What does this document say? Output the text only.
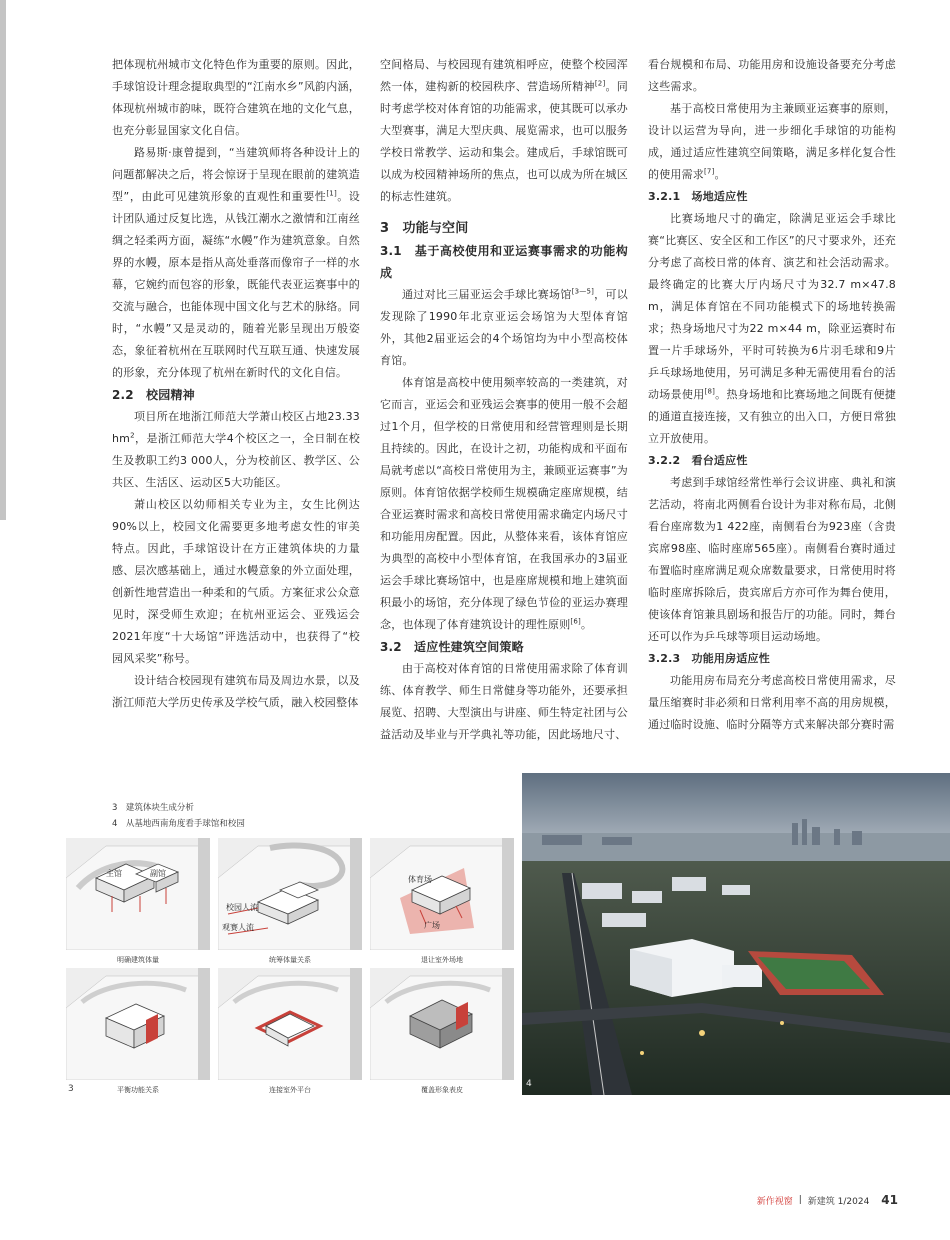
把体现杭州城市文化特色作为重要的原则。因此，手球馆设计理念提取典型的“江南水乡”风韵内涵，体现杭州城市韵味，既符合建筑在地的文化气息，也充分彰显国家文化自信。

路易斯·康曾提到，“当建筑师将各种设计上的问题都解决之后，将会惊讶于呈现在眼前的建筑造型”，由此可见建筑形象的直观性和重要性[1]。设计团队通过反复比选，从钱江潮水之激情和江南丝绸之轻柔两方面，凝练“水幔”作为建筑意象。自然界的水幔，原本是指从高处垂落而像帘子一样的水幕，它婉约而包容的形象，既能代表亚运赛事中的交流与融合，也能体现中国文化与艺术的脉络。同时，“水幔”又是灵动的，随着光影呈现出万般姿态，象征着杭州在互联网时代互联互通、快速发展的形象，充分体现了杭州在新时代的文化自信。

2.2　校园精神

项目所在地浙江师范大学萧山校区占地23.33 $hm^2$，是浙江师范大学4个校区之一，全日制在校生及教职工约3 000人，分为校前区、教学区、公共区、生活区、运动区5大功能区。

萧山校区以幼师相关专业为主，女生比例达90%以上，校园文化需要更多地考虑女性的审美特点。因此，手球馆设计在方正建筑体块的力量感、层次感基础上，通过水幔意象的外立面处理，创新性地营造出一种柔和的气质。方案征求公众意见时，深受师生欢迎；在杭州亚运会、亚残运会2021年度“十大场馆”评选活动中，也获得了“校园风采奖”称号。

设计结合校园现有建筑布局及周边水景，以及浙江师范大学历史传承及学校气质，融入校园整体

空间格局、与校园现有建筑相呼应，使整个校园浑然一体，建构新的校园秩序、营造场所精神[2]。同时考虑学校对体育馆的功能需求，使其既可以承办大型赛事，满足大型庆典、展览需求，也可以服务学校日常教学、运动和集会。建成后，手球馆既可以成为校园精神场所的焦点，也可以成为所在城区的标志性建筑。

3　功能与空间
3.1　基于高校使用和亚运赛事需求的功能构成

通过对比三届亚运会手球比赛场馆[3—5]，可以发现除了1990年北京亚运会场馆为大型体育馆外，其他2届亚运会的4个场馆均为中小型高校体育馆。

体育馆是高校中使用频率较高的一类建筑，对它而言，亚运会和亚残运会赛事的使用一般不会超过1个月，但学校的日常使用和经营管理则是长期且持续的。因此，在设计之初，功能构成和平面布局就考虑以“高校日常使用为主，兼顾亚运赛事”为原则。体育馆依据学校师生规模确定座席规模，结合亚运赛时需求和高校日常使用需求确定内场尺寸和功能用房配置。因此，从整体来看，该体育馆应为典型的高校中小型体育馆，在我国承办的3届亚运会手球比赛场馆中，也是座席规模和地上建筑面积最小的场馆，充分体现了绿色节俭的亚运办赛理念，也体现了体育建筑设计的理性原则[6]。

3.2　适应性建筑空间策略

由于高校对体育馆的日常使用需求除了体育训练、体育教学、师生日常健身等功能外，还要承担展览、招聘、大型演出与讲座、师生特定社团与公益活动及毕业与开学典礼等功能，因此场地尺寸、

看台规模和布局、功能用房和设施设备要充分考虑这些需求。

基于高校日常使用为主兼顾亚运赛事的原则，设计以运营为导向，进一步细化手球馆的功能构成，通过适应性建筑空间策略，满足多样化复合性的使用需求[7]。

3.2.1　场地适应性

比赛场地尺寸的确定，除满足亚运会手球比赛“比赛区、安全区和工作区”的尺寸要求外，还充分考虑了高校日常的体育、演艺和社会活动需求。最终确定的比赛大厅内场尺寸为32.7 m×47.8 m，满足体育馆在不同功能模式下的场地转换需求；热身场地尺寸为22 m×44 m，除亚运赛时布置一片手球场外，平时可转换为6片羽毛球和9片乒乓球场地使用，另可满足多种无需使用看台的活动场景使用[8]。热身场地和比赛场地之间既有便捷的通道直接连接，又有独立的出入口，方便日常独立开放使用。

3.2.2　看台适应性

考虑到手球馆经常性举行会议讲座、典礼和演艺活动，将南北两侧看台设计为非对称布局，北侧看台座席数为1 422座，南侧看台为923座（含贵宾席98座、临时座席565座）。南侧看台赛时通过布置临时座席满足观众席数量要求，日常使用时将临时座席拆除后，贵宾席后方亦可作为舞台使用，使该体育馆兼具剧场和报告厅的功能。同时，舞台还可以作为乒乓球等项目运动场地。

3.2.3　功能用房适应性

功能用房布局充分考虑高校日常使用需求，尽量压缩赛时非必须和日常利用率不高的用房规模，通过临时设施、临时分隔等方式来解决部分赛时需

3　建筑体块生成分析
4　从基地西南角度看手球馆和校园
主馆	副馆
明确建筑体量
校园人流
观赛人流
统筹体量关系
体育场
广场
退让室外场地
平衡功能关系	连接室外平台	覆盖形象表皮
3	4
新作视窗 | 新建筑 1/2024 41
